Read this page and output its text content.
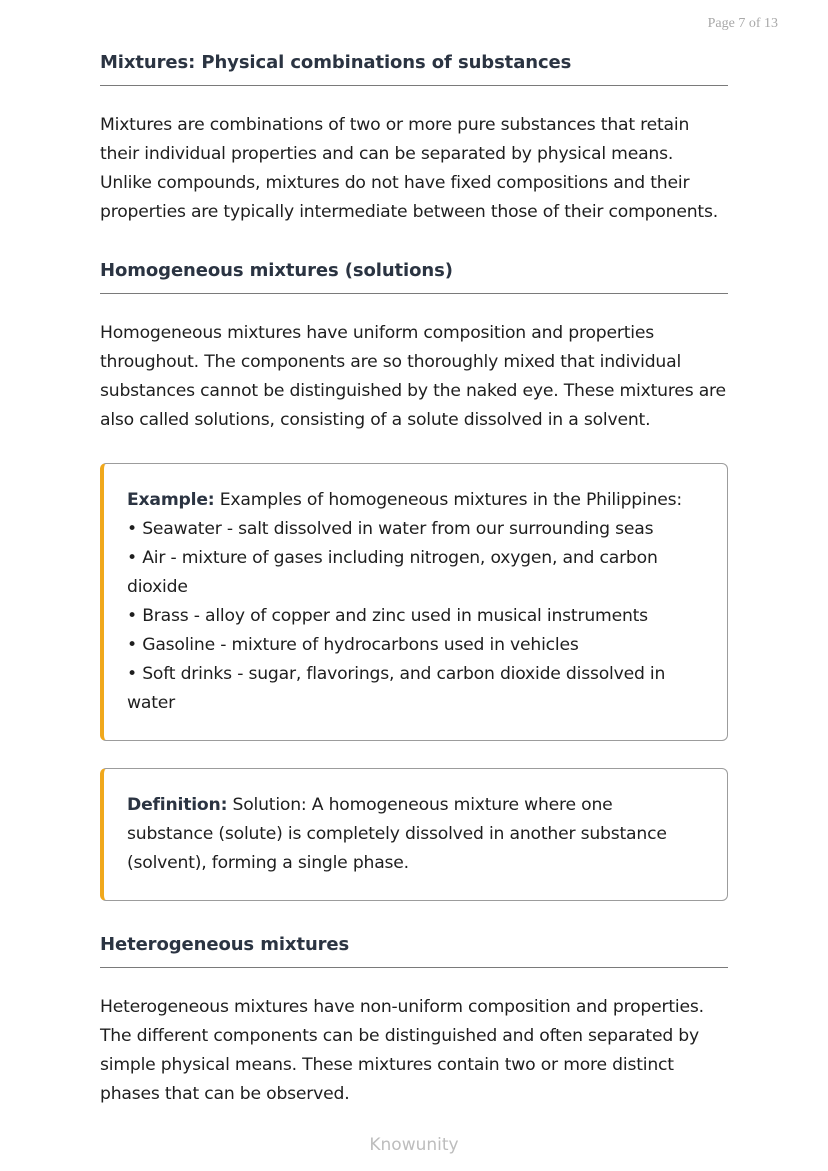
Page 7 of 13
Mixtures: Physical combinations of substances

Mixtures are combinations of two or more pure substances that retain their individual properties and can be separated by physical means. Unlike compounds, mixtures do not have fixed compositions and their properties are typically intermediate between those of their components.

Homogeneous mixtures (solutions)

Homogeneous mixtures have uniform composition and properties throughout. The components are so thoroughly mixed that individual substances cannot be distinguished by the naked eye. These mixtures are also called solutions, consisting of a solute dissolved in a solvent.

Example: Examples of homogeneous mixtures in the Philippines:
• Seawater - salt dissolved in water from our surrounding seas
• Air - mixture of gases including nitrogen, oxygen, and carbon dioxide
• Brass - alloy of copper and zinc used in musical instruments
• Gasoline - mixture of hydrocarbons used in vehicles
• Soft drinks - sugar, flavorings, and carbon dioxide dissolved in water
Definition: Solution: A homogeneous mixture where one substance (solute) is completely dissolved in another substance (solvent), forming a single phase.
Heterogeneous mixtures

Heterogeneous mixtures have non-uniform composition and properties. The different components can be distinguished and often separated by simple physical means. These mixtures contain two or more distinct phases that can be observed.

Knowunity
